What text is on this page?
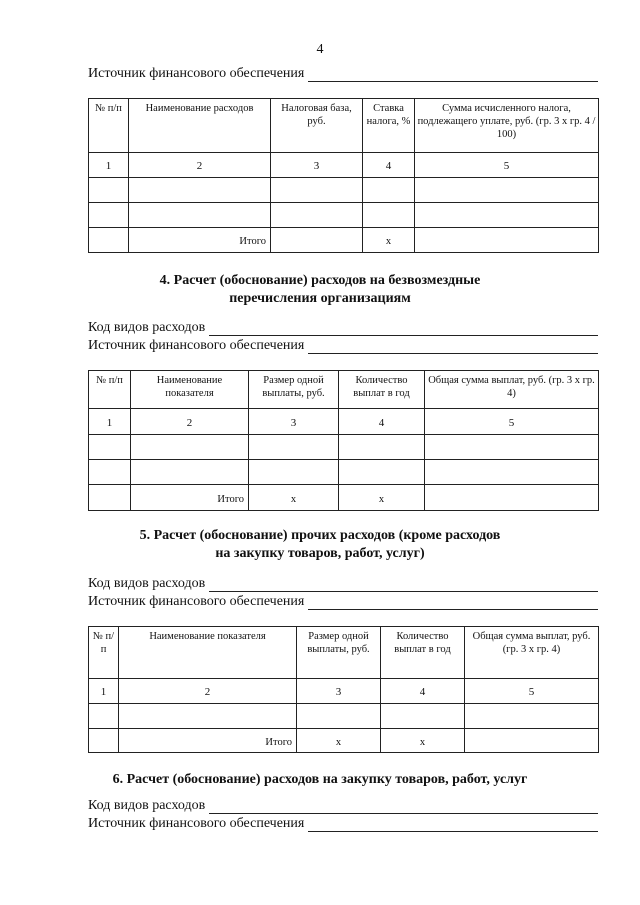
4
Источник финансового обеспечения
№ п/п	Наименование расходов	Налоговая база, руб.	Ставка налога, %	Сумма исчисленного налога, подлежащего уплате, руб. (гр. 3 х гр. 4 / 100)
1	2	3	4	5

	Итого		х	
4. Расчет (обоснование) расходов на безвозмездные
перечисления организациям
Код видов расходов
Источник финансового обеспечения
№ п/п	Наименование показателя	Размер одной выплаты, руб.	Количество выплат в год	Общая сумма выплат, руб. (гр. 3 х гр. 4)
1	2	3	4	5

	Итого	х	х	
5. Расчет (обоснование) прочих расходов (кроме расходов
на закупку товаров, работ, услуг)
Код видов расходов
Источник финансового обеспечения
№ п/п	Наименование показателя	Размер одной выплаты, руб.	Количество выплат в год	Общая сумма выплат, руб. (гр. 3 х гр. 4)
1	2	3	4	5

	Итого	х	х	
6. Расчет (обоснование) расходов на закупку товаров, работ, услуг
Код видов расходов
Источник финансового обеспечения
